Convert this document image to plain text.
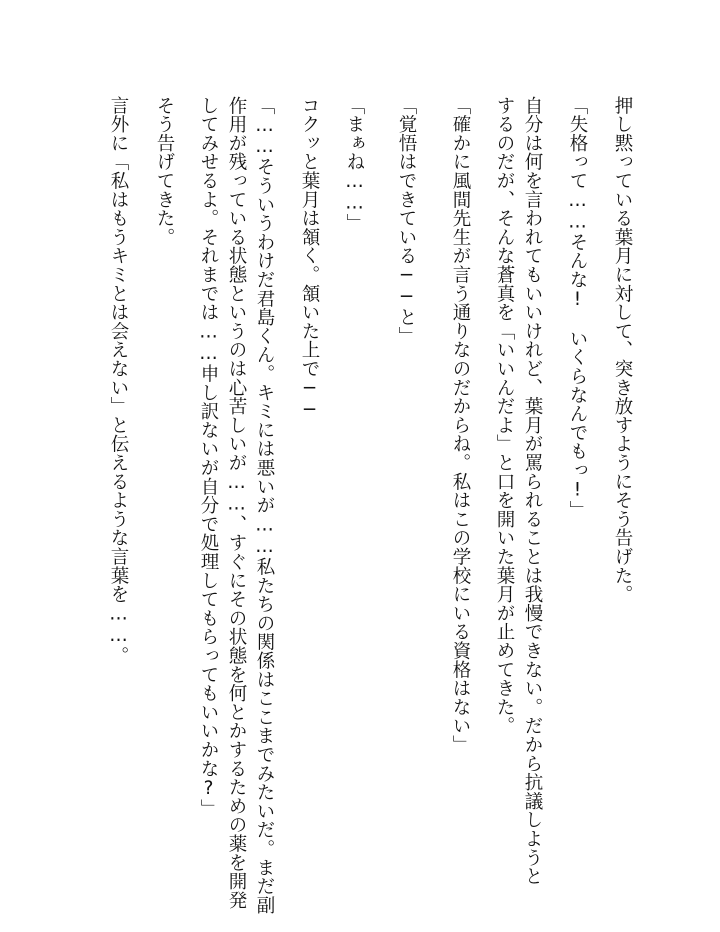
押し黙っている葉月に対して、突き放すようにそう告げた。
「失格って……そんな!　いくらなんでもっ!」
自分は何を言われてもいいけれど、葉月が罵られることは我慢できない。だから抗議しようと
するのだが、そんな蒼真を「いいんだよ」と口を開いた葉月が止めてきた。
「確かに風間先生が言う通りなのだからね。私はこの学校にいる資格はない」
「覚悟はできている──と」
「まぁね……」
コクッと葉月は頷く。頷いた上で──
「……そういうわけだ君島くん。キミには悪いが……私たちの関係はここまでみたいだ。まだ副
作用が残っている状態というのは心苦しいが……、すぐにその状態を何とかするための薬を開発
してみせるよ。それまでは……申し訳ないが自分で処理してもらってもいいかな?」
そう告げてきた。
言外に「私はもうキミとは会えない」と伝えるような言葉を……。
